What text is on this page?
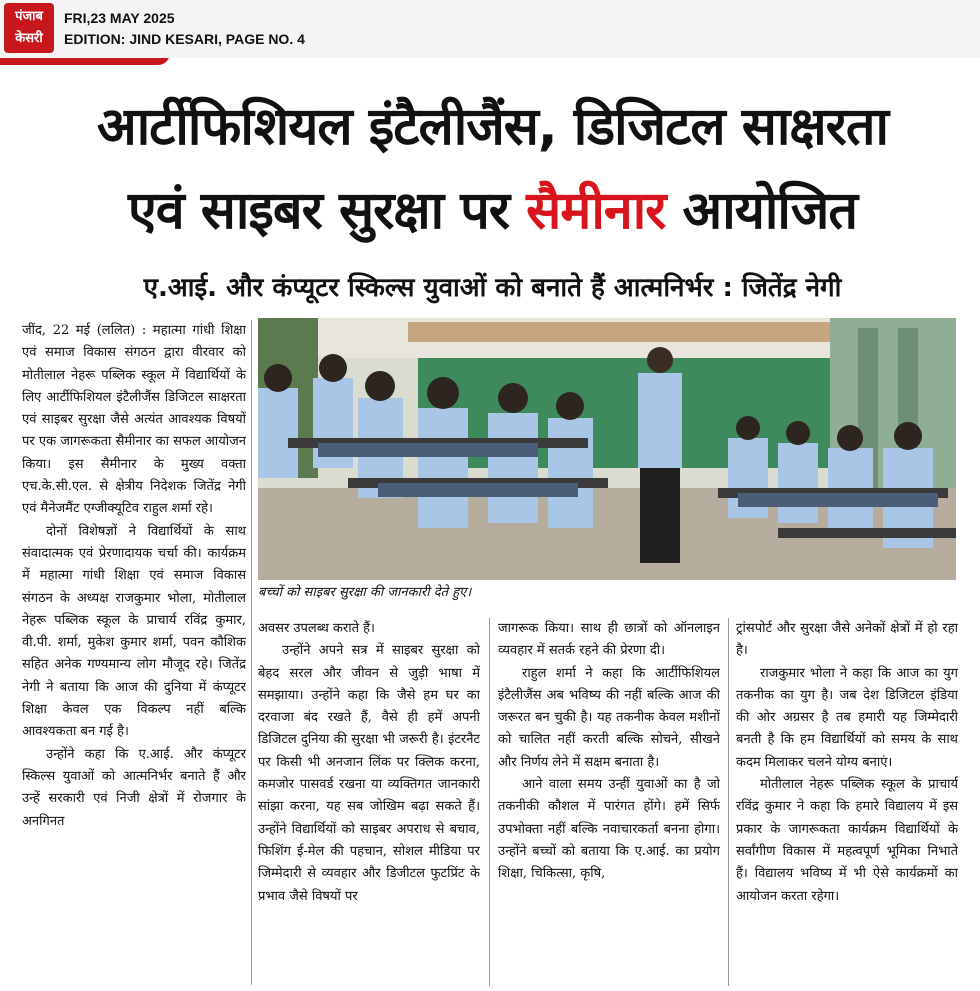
पंजाब
केसरी
FRI,23 MAY 2025
EDITION: JIND KESARI, PAGE NO. 4
आर्टीफिशियल इंटैलीजैंस, डिजिटल साक्षरता
एवं साइबर सुरक्षा पर सैमीनार आयोजित
ए.आई. और कंप्यूटर स्किल्स युवाओं को बनाते हैं आत्मनिर्भर : जितेंद्र नेगी
बच्चों को साइबर सुरक्षा की जानकारी देते हुए।

जींद, 22 मई (ललित) : महात्मा गांधी शिक्षा एवं समाज विकास संगठन द्वारा वीरवार को मोतीलाल नेहरू पब्लिक स्कूल में विद्यार्थियों के लिए आर्टीफिशियल इंटैलीजैंस डिजिटल साक्षरता एवं साइबर सुरक्षा जैसे अत्यंत आवश्यक विषयों पर एक जागरूकता सैमीनार का सफल आयोजन किया। इस सैमीनार के मुख्य वक्ता एच.के.सी.एल. से क्षेत्रीय निदेशक जितेंद्र नेगी एवं मैनेजमैंट एग्जीक्यूटिव राहुल शर्मा रहे।

दोनों विशेषज्ञों ने विद्यार्थियों के साथ संवादात्मक एवं प्रेरणादायक चर्चा की। कार्यक्रम में महात्मा गांधी शिक्षा एवं समाज विकास संगठन के अध्यक्ष राजकुमार भोला, मोतीलाल नेहरू पब्लिक स्कूल के प्राचार्य रविंद्र कुमार, वी.पी. शर्मा, मुकेश कुमार शर्मा, पवन कौशिक सहित अनेक गण्यमान्य लोग मौजूद रहे। जितेंद्र नेगी ने बताया कि आज की दुनिया में कंप्यूटर शिक्षा केवल एक विकल्प नहीं बल्कि आवश्यकता बन गई है।

उन्होंने कहा कि ए.आई. और कंप्यूटर स्किल्स युवाओं को आत्मनिर्भर बनाते हैं और उन्हें सरकारी एवं निजी क्षेत्रों में रोजगार के अनगिनत

अवसर उपलब्ध कराते हैं।

उन्होंने अपने सत्र में साइबर सुरक्षा को बेहद सरल और जीवन से जुड़ी भाषा में समझाया। उन्होंने कहा कि जैसे हम घर का दरवाजा बंद रखते हैं, वैसे ही हमें अपनी डिजिटल दुनिया की सुरक्षा भी जरूरी है। इंटरनैट पर किसी भी अनजान लिंक पर क्लिक करना, कमजोर पासवर्ड रखना या व्यक्तिगत जानकारी सांझा करना, यह सब जोखिम बढ़ा सकते हैं। उन्होंने विद्यार्थियों को साइबर अपराध से बचाव, फिशिंग ई-मेल की पहचान, सोशल मीडिया पर जिम्मेदारी से व्यवहार और डिजीटल फुटप्रिंट के प्रभाव जैसे विषयों पर

जागरूक किया। साथ ही छात्रों को ऑनलाइन व्यवहार में सतर्क रहने की प्रेरणा दी।

राहुल शर्मा ने कहा कि आर्टीफिशियल इंटैलीजैंस अब भविष्य की नहीं बल्कि आज की जरूरत बन चुकी है। यह तकनीक केवल मशीनों को चालित नहीं करती बल्कि सोचने, सीखने और निर्णय लेने में सक्षम बनाता है।

आने वाला समय उन्हीं युवाओं का है जो तकनीकी कौशल में पारंगत होंगे। हमें सिर्फ उपभोक्ता नहीं बल्कि नवाचारकर्ता बनना होगा। उन्होंने बच्चों को बताया कि ए.आई. का प्रयोग शिक्षा, चिकित्सा, कृषि,

ट्रांसपोर्ट और सुरक्षा जैसे अनेकों क्षेत्रों में हो रहा है।

राजकुमार भोला ने कहा कि आज का युग तकनीक का युग है। जब देश डिजिटल इंडिया की ओर अग्रसर है तब हमारी यह जिम्मेदारी बनती है कि हम विद्यार्थियों को समय के साथ कदम मिलाकर चलने योग्य बनाएं।

मोतीलाल नेहरू पब्लिक स्कूल के प्राचार्य रविंद्र कुमार ने कहा कि हमारे विद्यालय में इस प्रकार के जागरूकता कार्यक्रम विद्यार्थियों के सर्वांगीण विकास में महत्वपूर्ण भूमिका निभाते हैं। विद्यालय भविष्य में भी ऐसे कार्यक्रमों का आयोजन करता रहेगा।
